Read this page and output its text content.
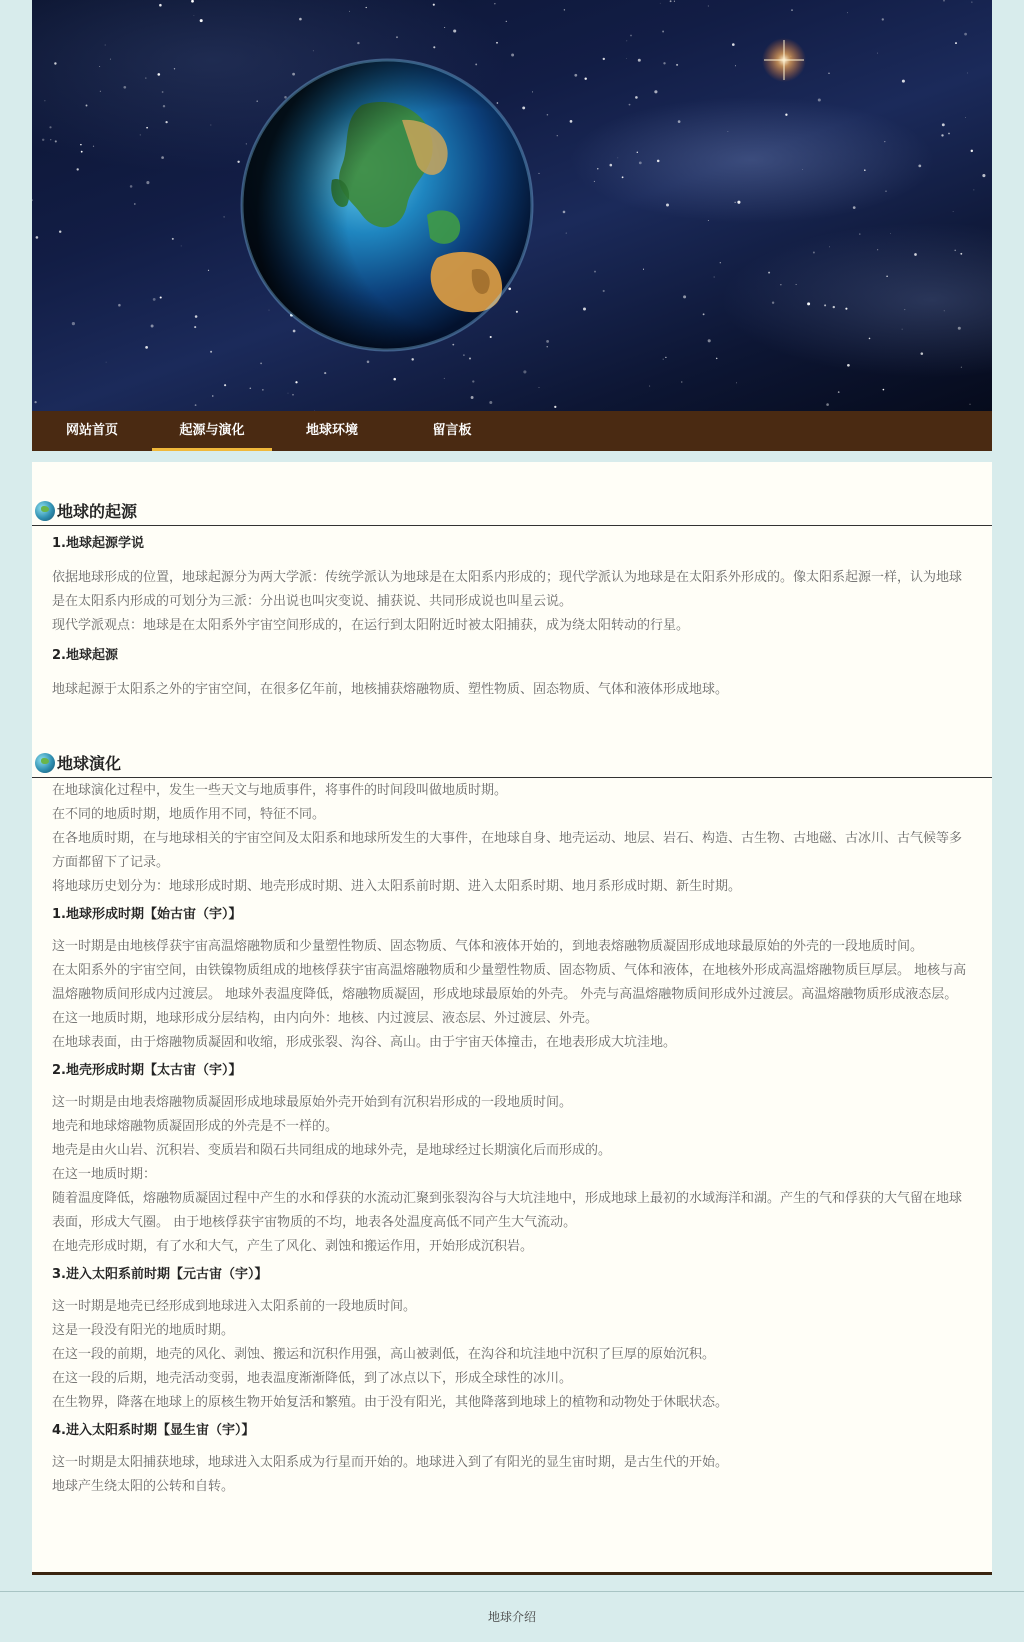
网站首页	起源与演化	地球环境	留言板
地球的起源
1.地球起源学说

依据地球形成的位置，地球起源分为两大学派：传统学派认为地球是在太阳系内形成的；现代学派认为地球是在太阳系外形成的。像太阳系起源一样，认为地球是在太阳系内形成的可划分为三派：分出说也叫灾变说、捕获说、共同形成说也叫星云说。

现代学派观点：地球是在太阳系外宇宙空间形成的，在运行到太阳附近时被太阳捕获，成为绕太阳转动的行星。

2.地球起源

地球起源于太阳系之外的宇宙空间，在很多亿年前，地核捕获熔融物质、塑性物质、固态物质、气体和液体形成地球。

地球演化

在地球演化过程中，发生一些天文与地质事件，将事件的时间段叫做地质时期。

在不同的地质时期，地质作用不同，特征不同。

在各地质时期，在与地球相关的宇宙空间及太阳系和地球所发生的大事件，在地球自身、地壳运动、地层、岩石、构造、古生物、古地磁、古冰川、古气候等多方面都留下了记录。

将地球历史划分为：地球形成时期、地壳形成时期、进入太阳系前时期、进入太阳系时期、地月系形成时期、新生时期。

1.地球形成时期【始古宙（宇）】

这一时期是由地核俘获宇宙高温熔融物质和少量塑性物质、固态物质、气体和液体开始的，到地表熔融物质凝固形成地球最原始的外壳的一段地质时间。

在太阳系外的宇宙空间，由铁镍物质组成的地核俘获宇宙高温熔融物质和少量塑性物质、固态物质、气体和液体，在地核外形成高温熔融物质巨厚层。 地核与高温熔融物质间形成内过渡层。 地球外表温度降低，熔融物质凝固，形成地球最原始的外壳。 外壳与高温熔融物质间形成外过渡层。高温熔融物质形成液态层。

在这一地质时期，地球形成分层结构，由内向外：地核、内过渡层、液态层、外过渡层、外壳。

在地球表面，由于熔融物质凝固和收缩，形成张裂、沟谷、高山。由于宇宙天体撞击，在地表形成大坑洼地。

2.地壳形成时期【太古宙（宇）】

这一时期是由地表熔融物质凝固形成地球最原始外壳开始到有沉积岩形成的一段地质时间。

地壳和地球熔融物质凝固形成的外壳是不一样的。

地壳是由火山岩、沉积岩、变质岩和陨石共同组成的地球外壳，是地球经过长期演化后而形成的。

在这一地质时期：

随着温度降低，熔融物质凝固过程中产生的水和俘获的水流动汇聚到张裂沟谷与大坑洼地中，形成地球上最初的水域海洋和湖。产生的气和俘获的大气留在地球表面，形成大气圈。 由于地核俘获宇宙物质的不均，地表各处温度高低不同产生大气流动。

在地壳形成时期，有了水和大气，产生了风化、剥蚀和搬运作用，开始形成沉积岩。

3.进入太阳系前时期【元古宙（宇）】

这一时期是地壳已经形成到地球进入太阳系前的一段地质时间。

这是一段没有阳光的地质时期。

在这一段的前期，地壳的风化、剥蚀、搬运和沉积作用强，高山被剥低，在沟谷和坑洼地中沉积了巨厚的原始沉积。

在这一段的后期，地壳活动变弱，地表温度渐渐降低，到了冰点以下，形成全球性的冰川。

在生物界，降落在地球上的原核生物开始复活和繁殖。由于没有阳光，其他降落到地球上的植物和动物处于休眠状态。

4.进入太阳系时期【显生宙（宇）】

这一时期是太阳捕获地球，地球进入太阳系成为行星而开始的。地球进入到了有阳光的显生宙时期，是古生代的开始。

地球产生绕太阳的公转和自转。

地球介绍
